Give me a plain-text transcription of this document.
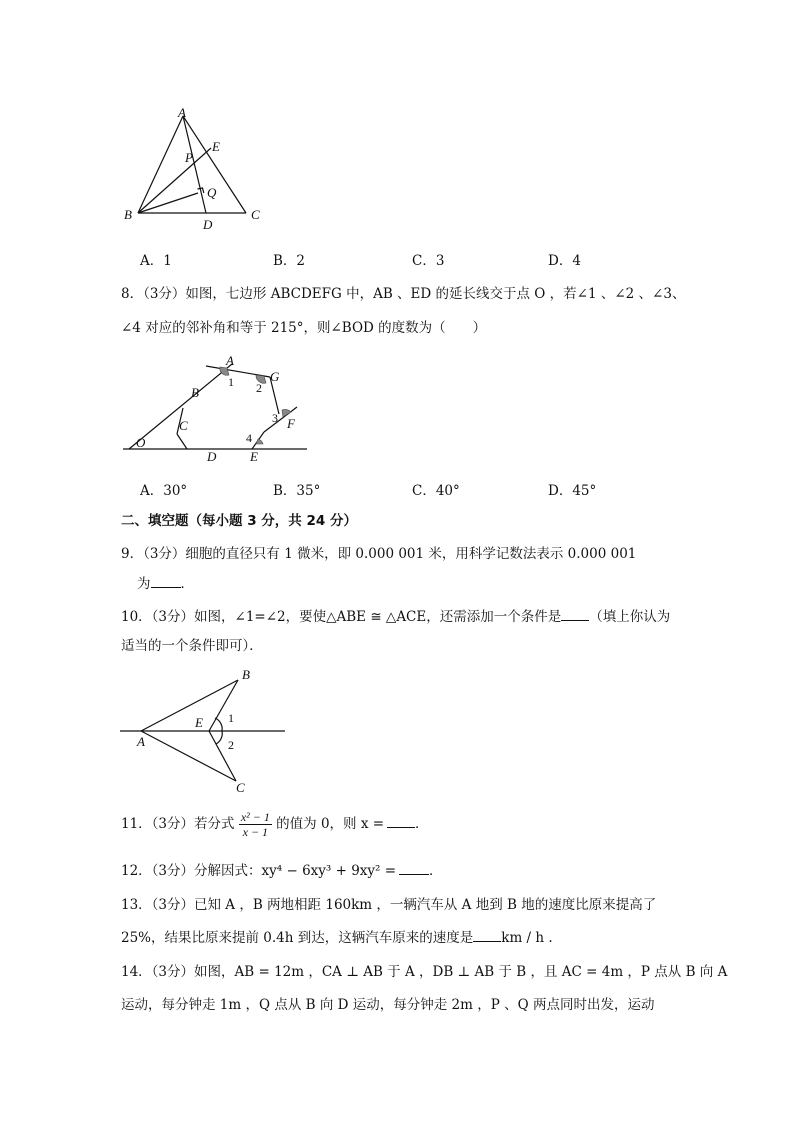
A
E
P
Q
B
D
C
A．1	B．2	C．3	D．4
8．（3分）如图，七边形 ABCDEFG 中，AB 、ED 的延长线交于点 O ，若∠1 、∠2 、∠3、
∠4 对应的邻补角和等于 215°，则∠BOD 的度数为（　　）
A
G
B
C	F
O
D	E
1 2
3
4
A．30°	B．35°	C．40°	D．45°
二、填空题（每小题 3 分，共 24 分）
9．（3分）细胞的直径只有 1 微米，即 0.000 001 米，用科学记数法表示 0.000 001
为 ．
10．（3分）如图，∠1=∠2，要使△ABE ≅ △ACE，还需添加一个条件是 （填上你认为
适当的一个条件即可）．
B
E
A
C
1
2
11．（3分）若分式 $\frac{\text{x² − 1}}{x - 1}$ 的值为 0，则 x = ．
12．（3分）分解因式：xy⁴ − 6xy³ + 9xy² = ．
13．（3分）已知 A ，B 两地相距 160km ，一辆汽车从 A 地到 B 地的速度比原来提高了
25%，结果比原来提前 0.4h 到达，这辆汽车原来的速度是 km / h .
14．（3分）如图，AB = 12m ，CA ⊥ AB 于 A ，DB ⊥ AB 于 B ，且 AC = 4m ，P 点从 B 向 A
运动，每分钟走 1m ，Q 点从 B 向 D 运动，每分钟走 2m ，P 、Q 两点同时出发，运动
